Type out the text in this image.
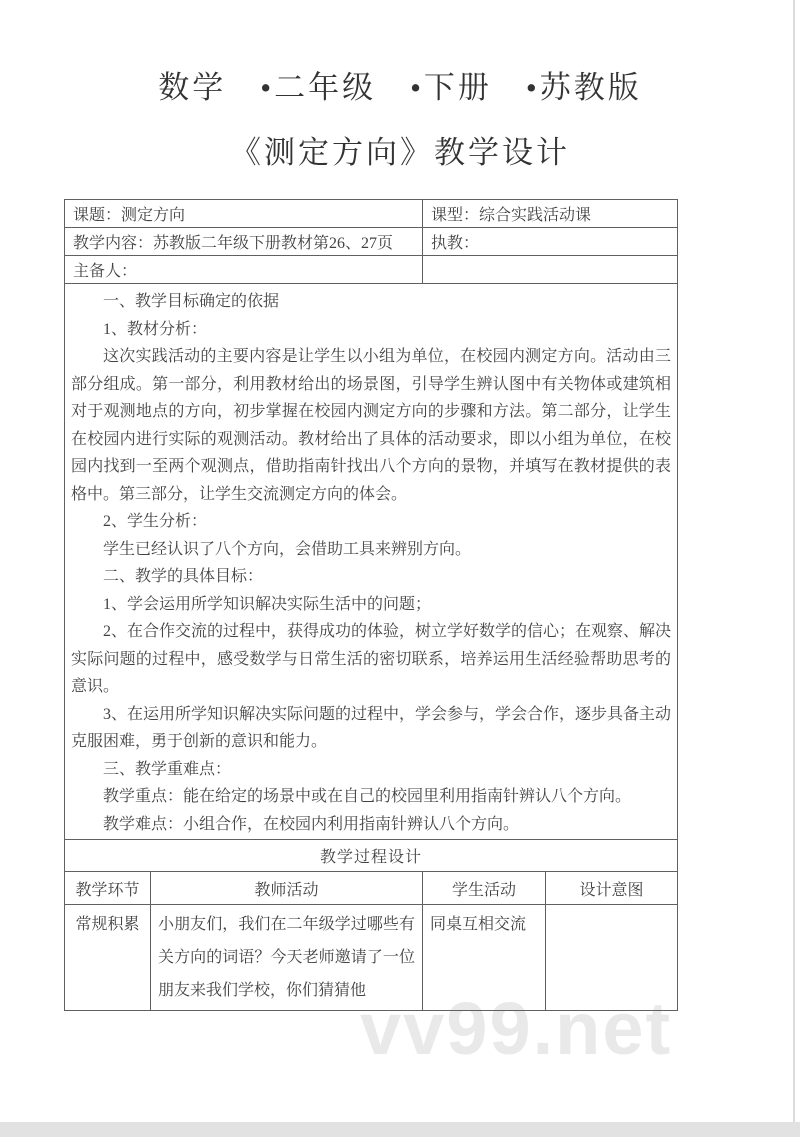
数学　•二年级　•下册　•苏教版
《测定方向》教学设计
vv99.net
课题：测定方向		课型：综合实践活动课	
教学内容：苏教版二年级下册教材第26、27页		执教：	
主备人：			

一、教学目标确定的依据

1、教材分析：

这次实践活动的主要内容是让学生以小组为单位，在校园内测定方向。活动由三部分组成。第一部分，利用教材给出的场景图，引导学生辨认图中有关物体或建筑相对于观测地点的方向，初步掌握在校园内测定方向的步骤和方法。第二部分，让学生在校园内进行实际的观测活动。教材给出了具体的活动要求，即以小组为单位，在校园内找到一至两个观测点，借助指南针找出八个方向的景物，并填写在教材提供的表格中。第三部分，让学生交流测定方向的体会。

2、学生分析：

学生已经认识了八个方向，会借助工具来辨别方向。

二、教学的具体目标：

1、学会运用所学知识解决实际生活中的问题；

2、在合作交流的过程中，获得成功的体验，树立学好数学的信心；在观察、解决实际问题的过程中，感受数学与日常生活的密切联系，培养运用生活经验帮助思考的意识。

3、在运用所学知识解决实际问题的过程中，学会参与，学会合作，逐步具备主动克服困难，勇于创新的意识和能力。

三、教学重难点：

教学重点：能在给定的场景中或在自己的校园里利用指南针辨认八个方向。

教学难点：小组合作，在校园内利用指南针辨认八个方向。

教学过程设计			
教学环节	教师活动	学生活动	设计意图
常规积累	小朋友们，我们在二年级学过哪些有关方向的词语？今天老师邀请了一位朋友来我们学校，你们猜猜他	同桌互相交流	
